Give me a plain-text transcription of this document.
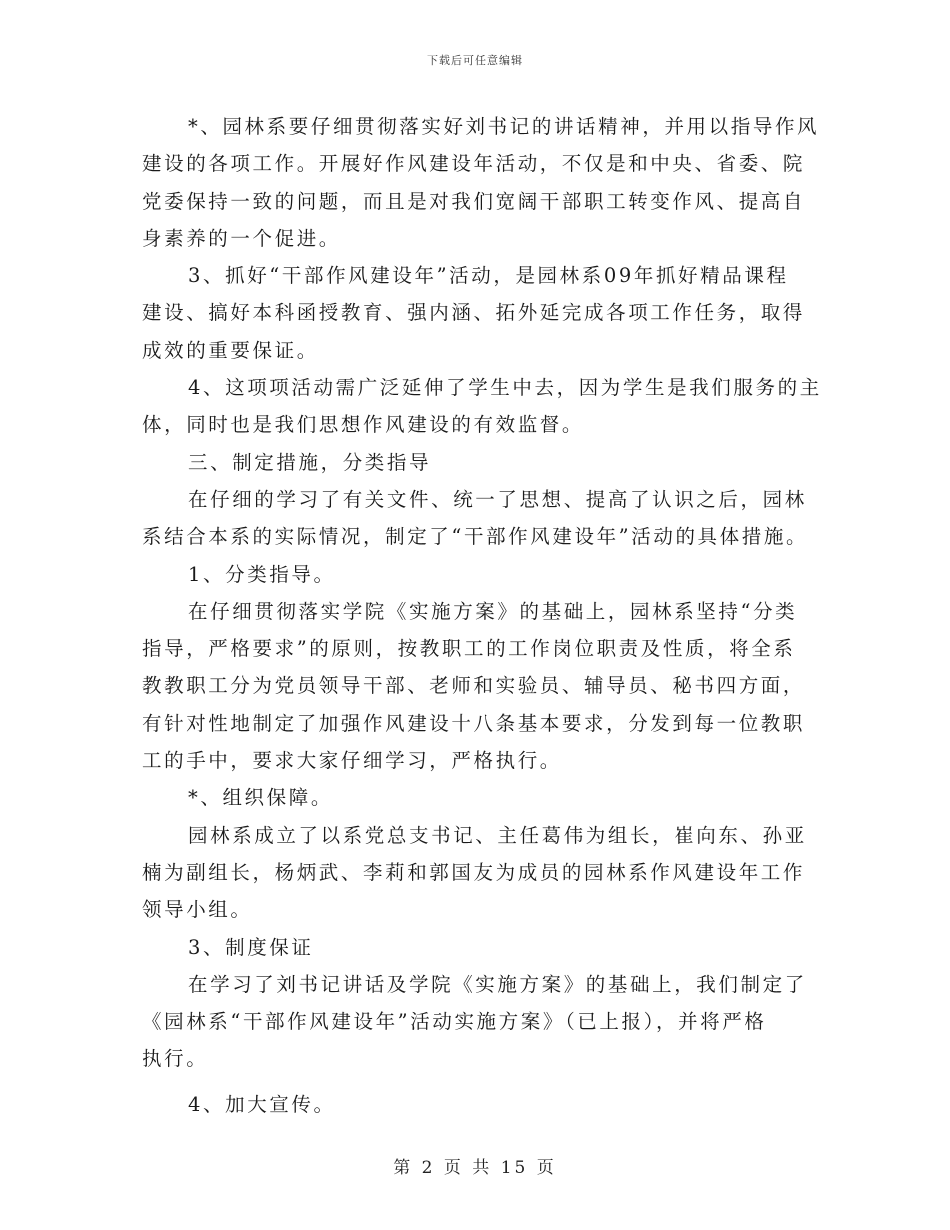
下载后可任意编辑
*、园林系要仔细贯彻落实好刘书记的讲话精神，并用以指导作风
建设的各项工作。开展好作风建设年活动，不仅是和中央、省委、院
党委保持一致的问题，而且是对我们宽阔干部职工转变作风、提高自
身素养的一个促进。
3、抓好“干部作风建设年”活动，是园林系09年抓好精品课程
建设、搞好本科函授教育、强内涵、拓外延完成各项工作任务，取得
成效的重要保证。
4、这项项活动需广泛延伸了学生中去，因为学生是我们服务的主
体，同时也是我们思想作风建设的有效监督。
三、制定措施，分类指导
在仔细的学习了有关文件、统一了思想、提高了认识之后，园林
系结合本系的实际情况，制定了“干部作风建设年”活动的具体措施。
1、分类指导。
在仔细贯彻落实学院《实施方案》的基础上，园林系坚持“分类
指导，严格要求”的原则，按教职工的工作岗位职责及性质，将全系
教教职工分为党员领导干部、老师和实验员、辅导员、秘书四方面，
有针对性地制定了加强作风建设十八条基本要求，分发到每一位教职
工的手中，要求大家仔细学习，严格执行。
*、组织保障。
园林系成立了以系党总支书记、主任葛伟为组长，崔向东、孙亚
楠为副组长，杨炳武、李莉和郭国友为成员的园林系作风建设年工作
领导小组。
3、制度保证
在学习了刘书记讲话及学院《实施方案》的基础上，我们制定了
《园林系“干部作风建设年”活动实施方案》（已上报），并将严格
执行。
4、加大宣传。
第 2 页 共 15 页
